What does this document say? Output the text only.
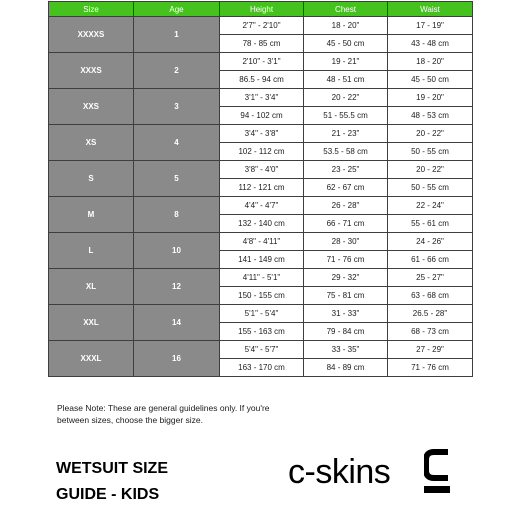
Size	Age	Height	Chest	Waist
XXXXS	1	2'7" - 2'10"	18 - 20"	17 - 19"
		78 - 85 cm	45 - 50 cm	43 - 48 cm
XXXS	2	2'10" - 3'1"	19 - 21"	18 - 20"
		86.5 - 94 cm	48 - 51 cm	45 - 50 cm
XXS	3	3'1" - 3'4"	20 - 22"	19 - 20"
		94 - 102 cm	51 - 55.5 cm	48 - 53 cm
XS	4	3'4" - 3'8"	21 - 23"	20 - 22"
		102 - 112 cm	53.5 - 58 cm	50 - 55 cm
S	5	3'8" - 4'0"	23 - 25"	20 - 22"
		112 - 121 cm	62 - 67 cm	50 - 55 cm
M	8	4'4" - 4'7"	26 - 28"	22 - 24"
		132 - 140 cm	66 - 71 cm	55 - 61 cm
L	10	4'8" - 4'11"	28 - 30"	24 - 26"
		141 - 149 cm	71 - 76 cm	61 - 66 cm
XL	12	4'11" - 5'1"	29 - 32"	25 - 27"
		150 - 155 cm	75 - 81 cm	63 - 68 cm
XXL	14	5'1" - 5'4"	31 - 33"	26.5 - 28"
		155 - 163 cm	79 - 84 cm	68 - 73 cm
XXXL	16	5'4" - 5'7"	33 - 35"	27 - 29"
		163 - 170 cm	84 - 89 cm	71 - 76 cm
Please Note: These are general guidelines only. If you're
between sizes, choose the bigger size.
WETSUIT SIZE
GUIDE - KIDS
c-skins
